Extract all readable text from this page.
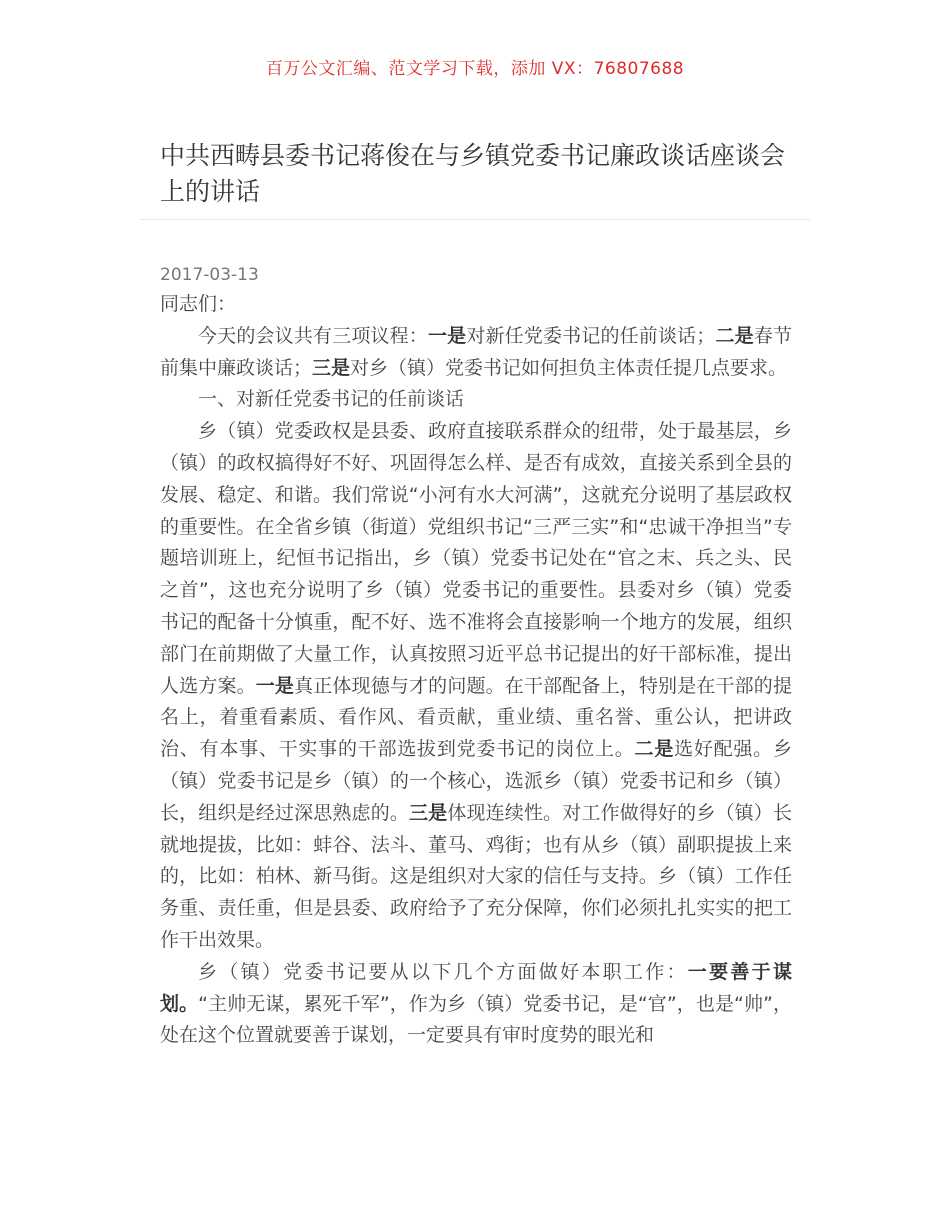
百万公文汇编、范文学习下载，添加 VX：76807688
中共西畴县委书记蒋俊在与乡镇党委书记廉政谈话座谈会上的讲话
2017-03-13

同志们：

今天的会议共有三项议程：一是对新任党委书记的任前谈话；二是春节前集中廉政谈话；三是对乡（镇）党委书记如何担负主体责任提几点要求。

一、对新任党委书记的任前谈话

乡（镇）党委政权是县委、政府直接联系群众的纽带，处于最基层，乡（镇）的政权搞得好不好、巩固得怎么样、是否有成效，直接关系到全县的发展、稳定、和谐。我们常说“小河有水大河满”，这就充分说明了基层政权的重要性。在全省乡镇（街道）党组织书记“三严三实”和“忠诚干净担当”专题培训班上，纪恒书记指出，乡（镇）党委书记处在“官之末、兵之头、民之首”，这也充分说明了乡（镇）党委书记的重要性。县委对乡（镇）党委书记的配备十分慎重，配不好、选不准将会直接影响一个地方的发展，组织部门在前期做了大量工作，认真按照习近平总书记提出的好干部标准，提出人选方案。一是真正体现德与才的问题。在干部配备上，特别是在干部的提名上，着重看素质、看作风、看贡献，重业绩、重名誉、重公认，把讲政治、有本事、干实事的干部选拔到党委书记的岗位上。二是选好配强。乡（镇）党委书记是乡（镇）的一个核心，选派乡（镇）党委书记和乡（镇）长，组织是经过深思熟虑的。三是体现连续性。对工作做得好的乡（镇）长就地提拔，比如：蚌谷、法斗、董马、鸡街；也有从乡（镇）副职提拔上来的，比如：柏林、新马街。这是组织对大家的信任与支持。乡（镇）工作任务重、责任重，但是县委、政府给予了充分保障，你们必须扎扎实实的把工作干出效果。

乡（镇）党委书记要从以下几个方面做好本职工作：一要善于谋划。“主帅无谋，累死千军”，作为乡（镇）党委书记，是“官”，也是“帅”，处在这个位置就要善于谋划，一定要具有审时度势的眼光和
